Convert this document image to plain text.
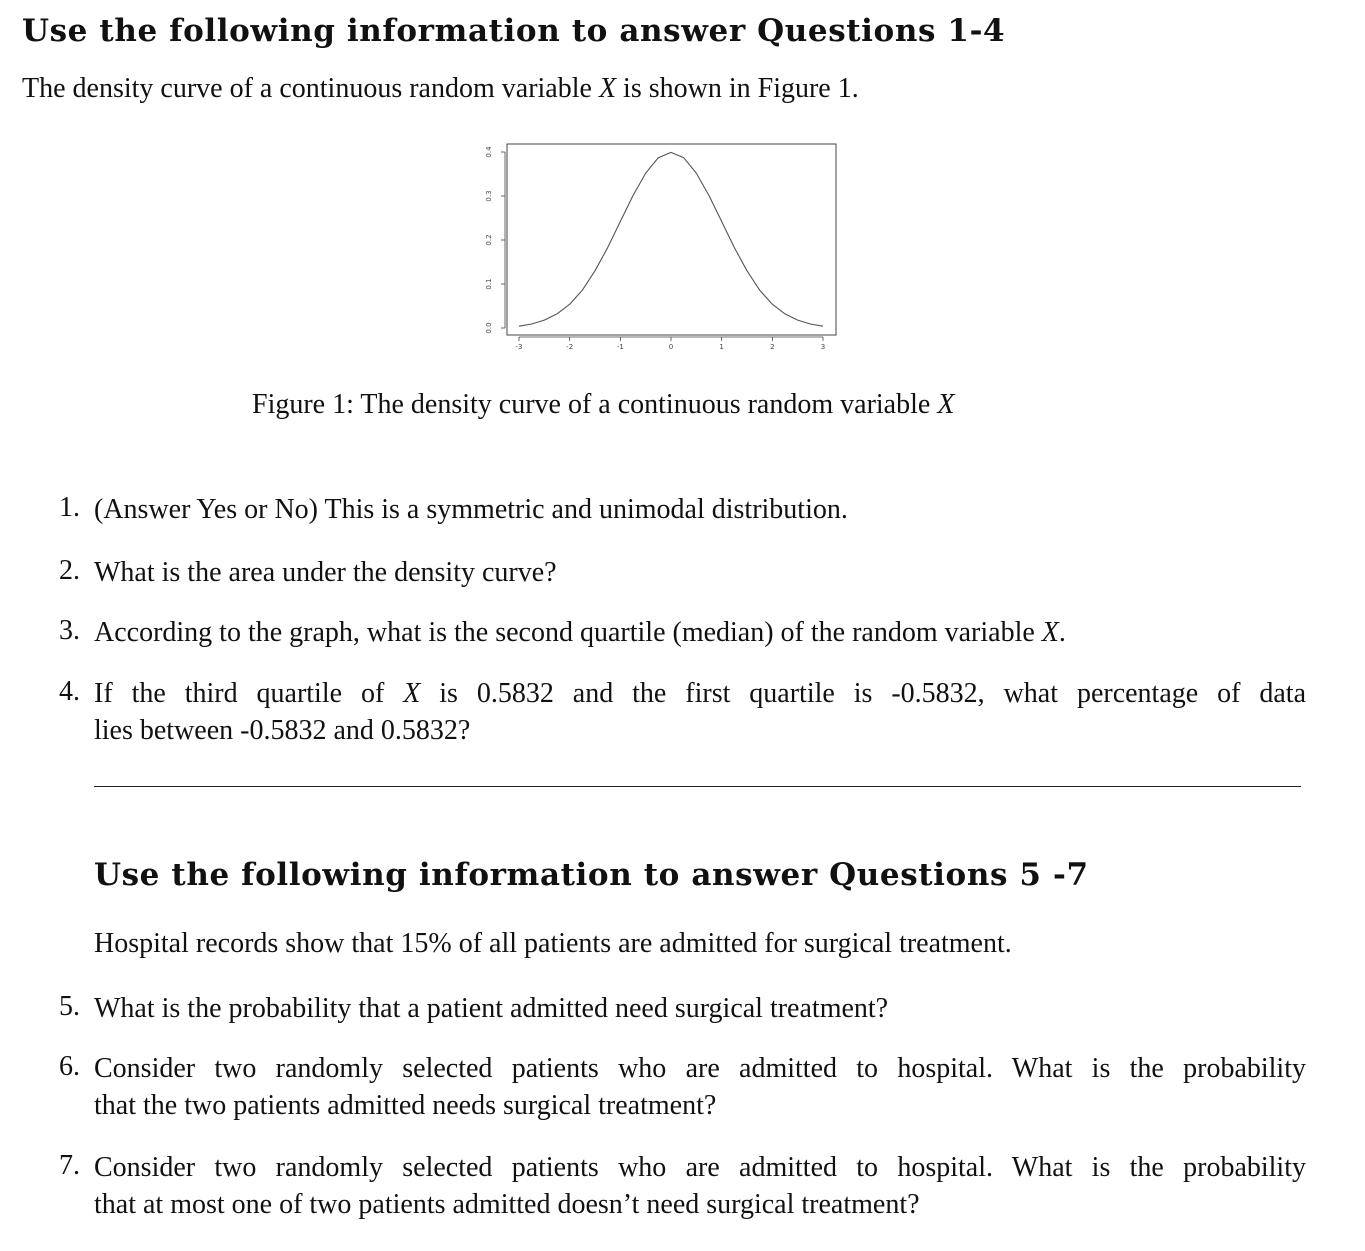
Use the following information to answer Questions 1-4

The density curve of a continuous random variable X is shown in Figure 1.

-3	-2	-1	0	1	2	3
0.0
0.1
0.2
0.3
0.4

Figure 1: The density curve of a continuous random variable X

1. (Answer Yes or No) This is a symmetric and unimodal distribution.
2. What is the area under the density curve?
3. According to the graph, what is the second quartile (median) of the random variable X.
4. If the third quartile of X is 0.5832 and the first quartile is -0.5832, what percentage of data
lies between -0.5832 and 0.5832?
Use the following information to answer Questions 5 -7

Hospital records show that 15% of all patients are admitted for surgical treatment.

5. What is the probability that a patient admitted need surgical treatment?
6. Consider two randomly selected patients who are admitted to hospital. What is the probability
that the two patients admitted needs surgical treatment?
7. Consider two randomly selected patients who are admitted to hospital. What is the probability
that at most one of two patients admitted doesn’t need surgical treatment?
